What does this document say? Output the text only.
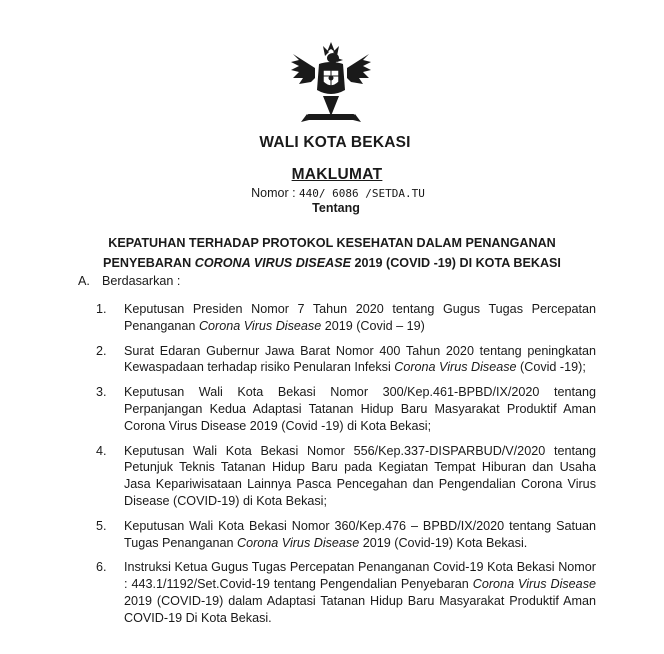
WALI KOTA BEKASI
MAKLUMAT
Nomor : 440/ 6086 /SETDA.TU
Tentang
KEPATUHAN TERHADAP PROTOKOL KESEHATAN DALAM PENANGANAN
PENYEBARAN CORONA VIRUS DISEASE 2019 (COVID -19) DI KOTA BEKASI
A. Berdasarkan :
1.	Keputusan Presiden Nomor 7 Tahun 2020 tentang Gugus Tugas Percepatan Penanganan Corona Virus Disease 2019 (Covid – 19)
2.	Surat Edaran Gubernur Jawa Barat Nomor 400 Tahun 2020 tentang peningkatan Kewaspadaan terhadap risiko Penularan Infeksi Corona Virus Disease (Covid -19);
3.	Keputusan Wali Kota Bekasi Nomor 300/Kep.461-BPBD/IX/2020 tentang Perpanjangan Kedua Adaptasi Tatanan Hidup Baru Masyarakat Produktif Aman Corona Virus Disease 2019 (Covid -19) di Kota Bekasi;
4.	Keputusan Wali Kota Bekasi Nomor 556/Kep.337-DISPARBUD/V/2020 tentang Petunjuk Teknis Tatanan Hidup Baru pada Kegiatan Tempat Hiburan dan Usaha Jasa Kepariwisataan Lainnya Pasca Pencegahan dan Pengendalian Corona Virus Disease (COVID-19) di Kota Bekasi;
5.	Keputusan Wali Kota Bekasi Nomor 360/Kep.476 – BPBD/IX/2020 tentang Satuan Tugas Penanganan Corona Virus Disease 2019 (Covid-19) Kota Bekasi.
6.	Instruksi Ketua Gugus Tugas Percepatan Penanganan Covid-19 Kota Bekasi Nomor : 443.1/1192/Set.Covid-19 tentang Pengendalian Penyebaran Corona Virus Disease 2019 (COVID-19) dalam Adaptasi Tatanan Hidup Baru Masyarakat Produktif Aman COVID-19 Di Kota Bekasi.
